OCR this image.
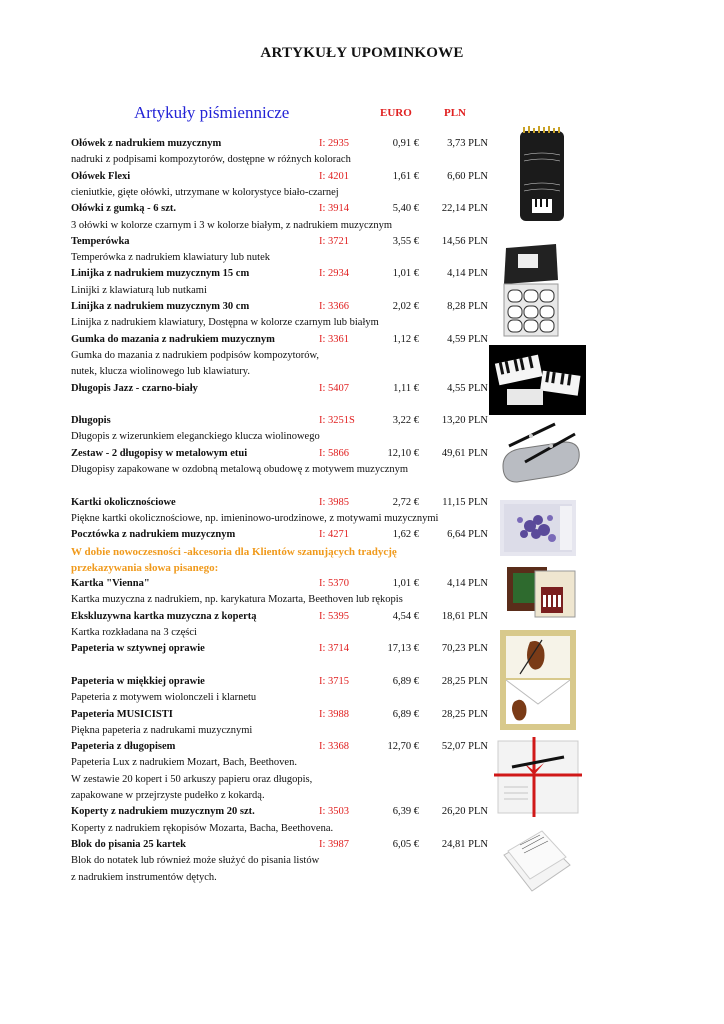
ARTYKUŁY UPOMINKOWE
Artykuły piśmiennicze	EURO	PLN
Ołówek z nadrukiem muzycznym	I: 2935	0,91 €	3,73 PLN
nadruki z podpisami kompozytorów, dostępne w różnych kolorach
Ołówek Flexi	I: 4201	1,61 €	6,60 PLN
cieniutkie, gięte ołówki, utrzymane w kolorystyce biało-czarnej
Ołówki z gumką - 6 szt.	I: 3914	5,40 € 22,14 PLN
3 ołówki w kolorze czarnym i 3 w kolorze białym, z nadrukiem muzycznym
Temperówka	I: 3721	3,55 € 14,56 PLN
Temperówka z nadrukiem klawiatury lub nutek
Linijka z nadrukiem muzycznym 15 cm	I: 2934	1,01 €	4,14 PLN
Linijki z klawiaturą lub nutkami
Linijka z nadrukiem muzycznym 30 cm	I: 3366	2,02 €	8,28 PLN
Linijka z nadrukiem klawiatury, Dostępna w kolorze czarnym lub białym
Gumka do mazania z nadrukiem muzycznym	I: 3361	1,12 €	4,59 PLN
Gumka do mazania z nadrukiem podpisów kompozytorów,
nutek, klucza wiolinowego lub klawiatury.
Długopis Jazz - czarno-biały	I: 5407	1,11 €	4,55 PLN
Długopis	I: 3251S	3,22 € 13,20 PLN
Długopis z wizerunkiem eleganckiego klucza wiolinowego
Zestaw - 2 długopisy w metalowym etui	I: 5866	12,10 € 49,61 PLN
Długopisy zapakowane w ozdobną metalową obudowę z motywem muzycznym
Kartki okolicznościowe	I: 3985	2,72 € 11,15 PLN
Piękne kartki okolicznościowe, np. imieninowo-urodzinowe, z motywami muzycznymi
Pocztówka z nadrukiem muzycznym	I: 4271	1,62 €	6,64 PLN
W dobie nowoczesności -akcesoria dla Klientów szanujących tradycję
przekazywania słowa pisanego:
Kartka "Vienna"	I: 5370	1,01 €	4,14 PLN
Kartka muzyczna z nadrukiem, np. karykatura Mozarta, Beethoven lub rękopis
Ekskluzywna kartka muzyczna z kopertą	I: 5395	4,54 € 18,61 PLN
Kartka rozkładana na 3 części
Papeteria w sztywnej oprawie	I: 3714	17,13 € 70,23 PLN
Papeteria w miękkiej oprawie	I: 3715	6,89 € 28,25 PLN
Papeteria z motywem wiolonczeli i klarnetu
Papeteria MUSICISTI	I: 3988	6,89 € 28,25 PLN
Piękna papeteria z nadrukami muzycznymi
Papeteria z długopisem	I: 3368	12,70 € 52,07 PLN
Papeteria Lux z nadrukiem Mozart, Bach, Beethoven.
W zestawie 20 kopert i 50 arkuszy papieru oraz długopis,
zapakowane w przejrzyste pudełko z kokardą.
Koperty z nadrukiem muzycznym 20 szt.	I: 3503	6,39 € 26,20 PLN
Koperty z nadrukiem rękopisów Mozarta, Bacha, Beethovena.
Blok do pisania 25 kartek	I: 3987	6,05 € 24,81 PLN
Blok do notatek lub również może służyć do pisania listów
z nadrukiem instrumentów dętych.
